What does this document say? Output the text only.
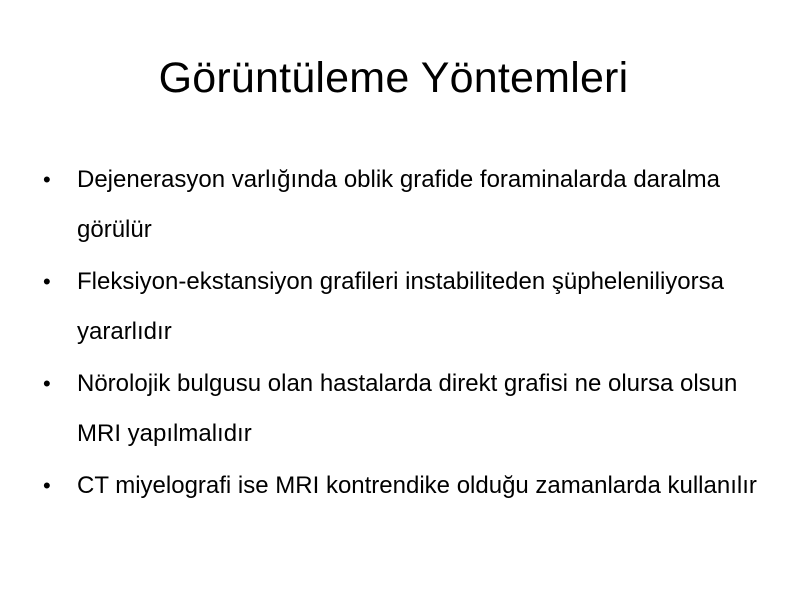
Görüntüleme Yöntemleri
•	Dejenerasyon varlığında oblik grafide foraminalarda daralma görülür
•	Fleksiyon-ekstansiyon grafileri instabiliteden şüpheleniliyorsa yararlıdır
•	Nörolojik bulgusu olan hastalarda direkt grafisi ne olursa olsun MRI yapılmalıdır
•	CT miyelografi ise MRI kontrendike olduğu zamanlarda kullanılır
